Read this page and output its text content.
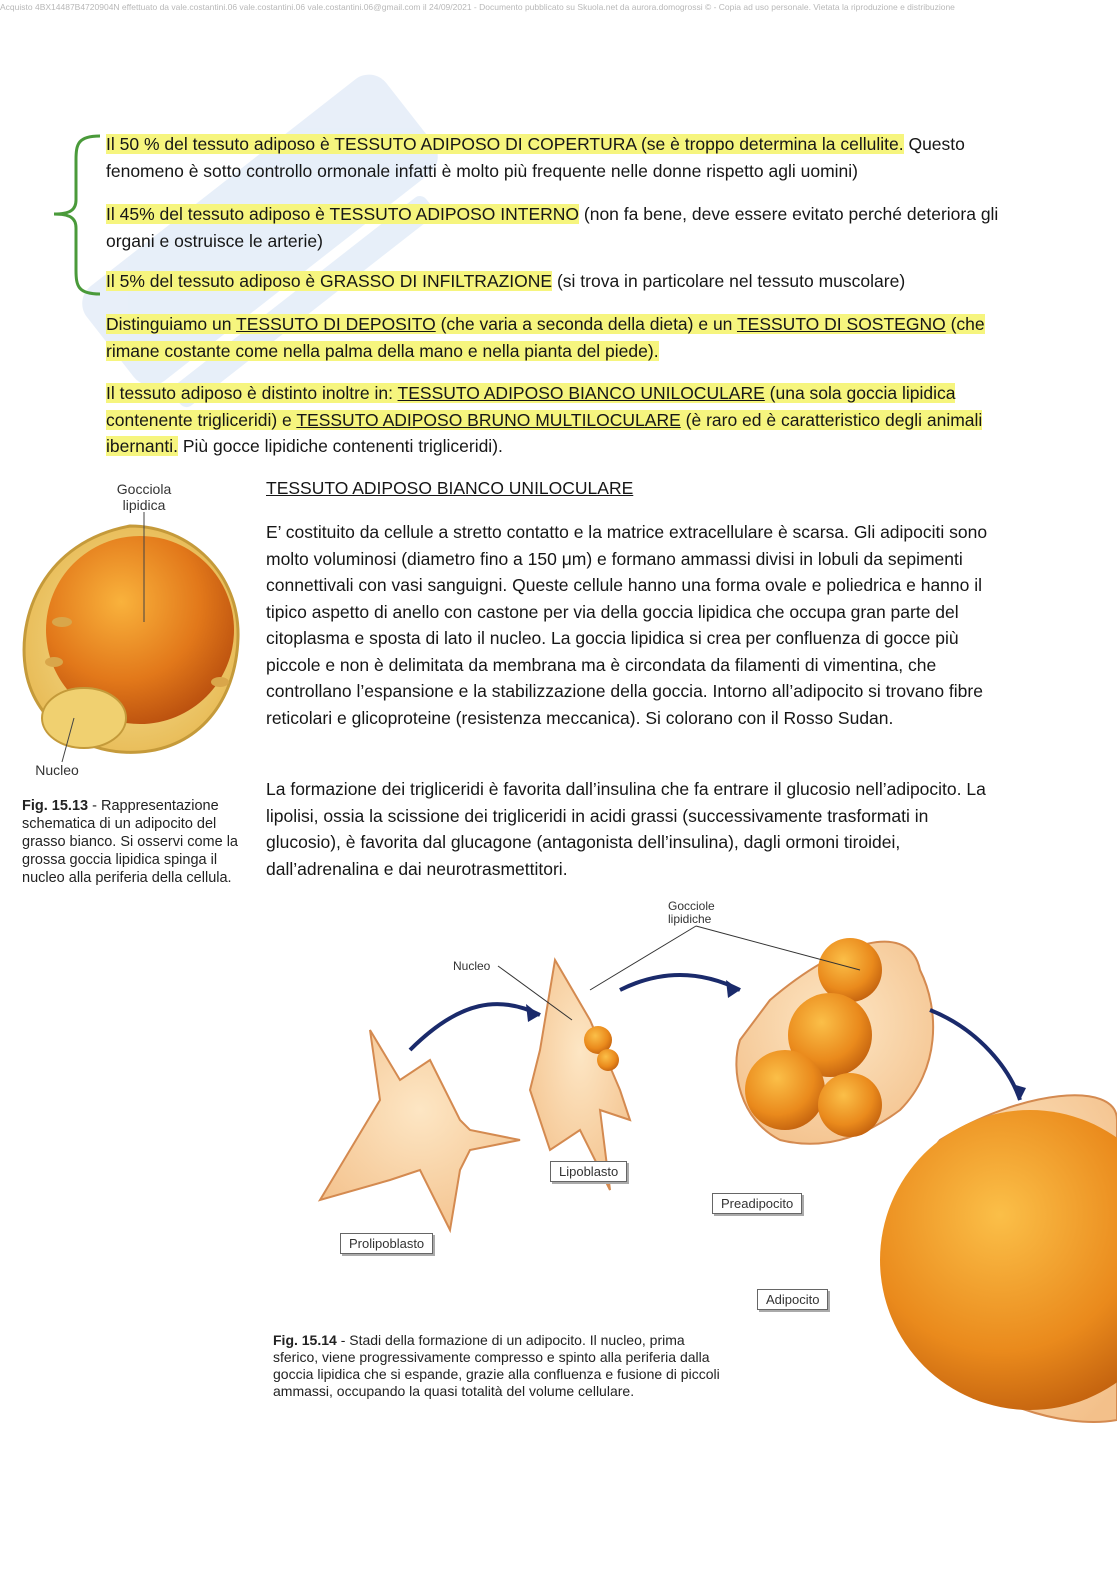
Acquisto 4BX14487B4720904N effettuato da vale.costantini.06 vale.costantini.06 vale.costantini.06@gmail.com il 24/09/2021 - Documento pubblicato su Skuola.net da aurora.domogrossi © - Copia ad uso personale. Vietata la riproduzione e distribuzione
Il 50 % del tessuto adiposo è TESSUTO ADIPOSO DI COPERTURA (se è troppo determina la cellulite. Questo fenomeno è sotto controllo ormonale infatti è molto più frequente nelle donne rispetto agli uomini)
Il 45% del tessuto adiposo è TESSUTO ADIPOSO INTERNO (non fa bene, deve essere evitato perché deteriora gli organi e ostruisce le arterie)
Il 5% del tessuto adiposo è GRASSO DI INFILTRAZIONE (si trova in particolare nel tessuto muscolare)
Distinguiamo un TESSUTO DI DEPOSITO (che varia a seconda della dieta) e un TESSUTO DI SOSTEGNO (che rimane costante come nella palma della mano e nella pianta del piede).
Il tessuto adiposo è distinto inoltre in: TESSUTO ADIPOSO BIANCO UNILOCULARE (una sola goccia lipidica contenente trigliceridi) e TESSUTO ADIPOSO BRUNO MULTILOCULARE (è raro ed è caratteristico degli animali ibernanti. Più gocce lipidiche contenenti trigliceridi).
TESSUTO ADIPOSO BIANCO UNILOCULARE
E’ costituito da cellule a stretto contatto e la matrice extracellulare è scarsa. Gli adipociti sono molto voluminosi (diametro fino a 150 μm) e formano ammassi divisi in lobuli da sepimenti connettivali con vasi sanguigni. Queste cellule hanno una forma ovale e poliedrica e hanno il tipico aspetto di anello con castone per via della goccia lipidica che occupa gran parte del citoplasma e sposta di lato il nucleo. La goccia lipidica si crea per confluenza di gocce più piccole e non è delimitata da membrana ma è circondata da filamenti di vimentina, che controllano l’espansione e la stabilizzazione della goccia. Intorno all’adipocito si trovano fibre reticolari e glicoproteine (resistenza meccanica). Si colorano con il Rosso Sudan.
La formazione dei trigliceridi è favorita dall’insulina che fa entrare il glucosio nell’adipocito. La lipolisi, ossia la scissione dei trigliceridi in acidi grassi (successivamente trasformati in glucosio), è favorita dal glucagone (antagonista dell’insulina), dagli ormoni tiroidei, dall’adrenalina e dai neurotrasmettitori.
Gocciola lipidica
Nucleo
Fig. 15.13 - Rappresentazione schematica di un adipocito del grasso bianco. Si osservi come la grossa goccia lipidica spinga il nucleo alla periferia della cellula.
Gocciole lipidiche
Nucleo
Prolipoblasto
Lipoblasto
Preadipocito
Adipocito
Fig. 15.14 - Stadi della formazione di un adipocito. Il nucleo, prima sferico, viene progressivamente compresso e spinto alla periferia dalla goccia lipidica che si espande, grazie alla confluenza e fusione di piccoli ammassi, occupando la quasi totalità del volume cellulare.
